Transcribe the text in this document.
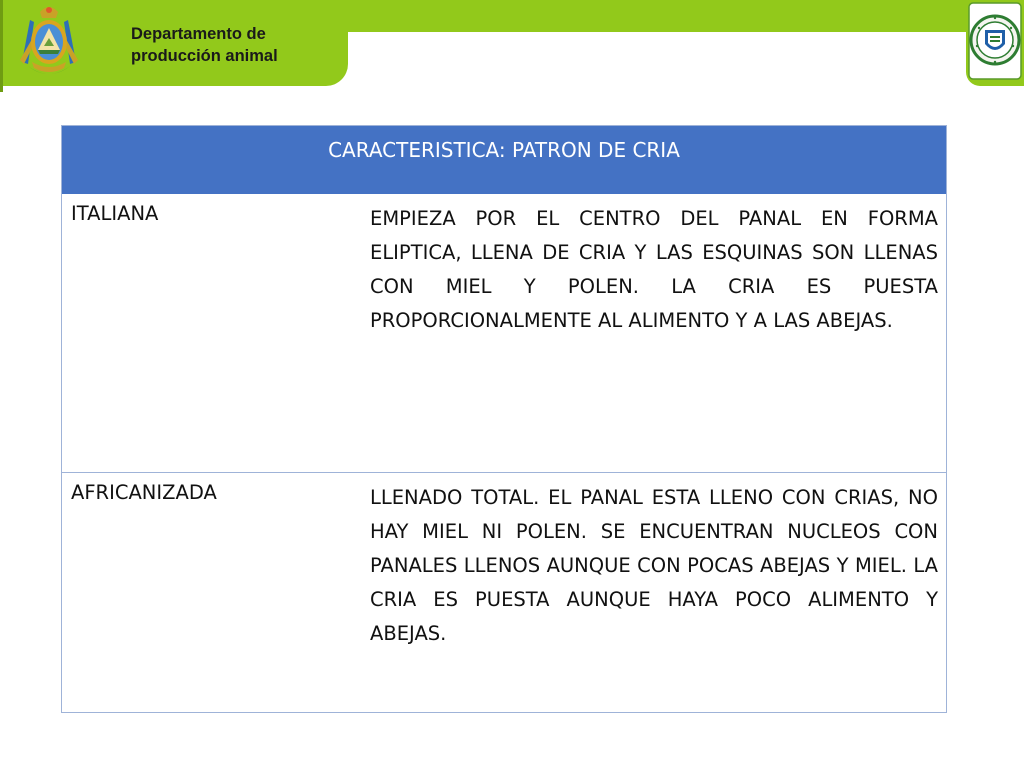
Departamento de
producción animal
CARACTERISTICA: PATRON DE CRIA
ITALIANA	EMPIEZA POR EL CENTRO DEL PANAL EN FORMA ELIPTICA, LLENA DE CRIA Y LAS ESQUINAS SON LLENAS CON MIEL Y POLEN. LA CRIA ES PUESTA PROPORCIONALMENTE AL ALIMENTO Y A LAS ABEJAS.
AFRICANIZADA	LLENADO TOTAL. EL PANAL ESTA LLENO CON CRIAS, NO HAY MIEL NI POLEN. SE ENCUENTRAN NUCLEOS CON PANALES LLENOS AUNQUE CON POCAS ABEJAS Y MIEL. LA CRIA ES PUESTA AUNQUE HAYA POCO ALIMENTO Y ABEJAS.
